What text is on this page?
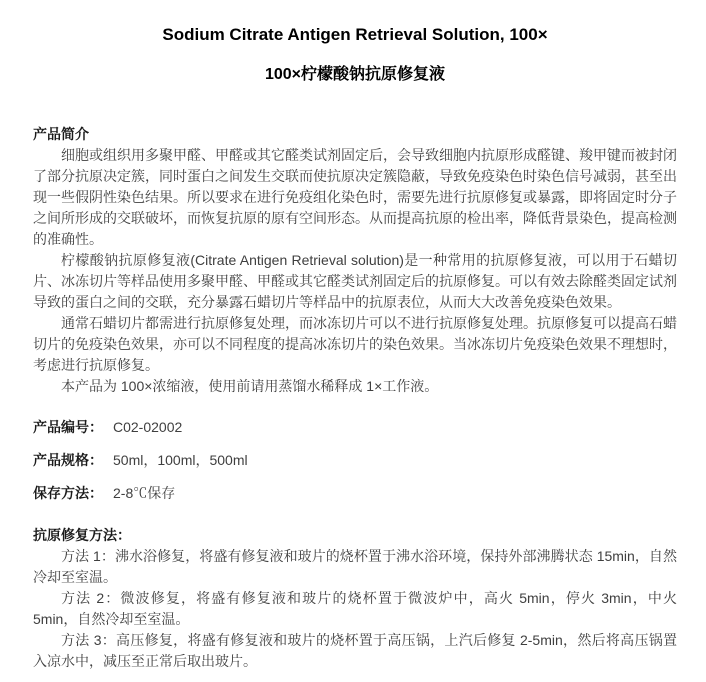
Sodium Citrate Antigen Retrieval Solution, 100×
100×柠檬酸钠抗原修复液
产品简介

细胞或组织用多聚甲醛、甲醛或其它醛类试剂固定后，会导致细胞内抗原形成醛键、羧甲键而被封闭了部分抗原决定簇，同时蛋白之间发生交联而使抗原决定簇隐蔽，导致免疫染色时染色信号减弱，甚至出现一些假阴性染色结果。所以要求在进行免疫组化染色时，需要先进行抗原修复或暴露，即将固定时分子之间所形成的交联破坏，而恢复抗原的原有空间形态。从而提高抗原的检出率，降低背景染色，提高检测的准确性。

柠檬酸钠抗原修复液(Citrate Antigen Retrieval solution)是一种常用的抗原修复液，可以用于石蜡切片、冰冻切片等样品使用多聚甲醛、甲醛或其它醛类试剂固定后的抗原修复。可以有效去除醛类固定试剂导致的蛋白之间的交联，充分暴露石蜡切片等样品中的抗原表位，从而大大改善免疫染色效果。

通常石蜡切片都需进行抗原修复处理，而冰冻切片可以不进行抗原修复处理。抗原修复可以提高石蜡切片的免疫染色效果，亦可以不同程度的提高冰冻切片的染色效果。当冰冻切片免疫染色效果不理想时，考虑进行抗原修复。

本产品为 100×浓缩液，使用前请用蒸馏水稀释成 1×工作液。

产品编号： C02-02002
产品规格： 50ml，100ml，500ml
保存方法： 2-8℃保存
抗原修复方法：

方法 1：沸水浴修复，将盛有修复液和玻片的烧杯置于沸水浴环境，保持外部沸腾状态 15min，自然冷却至室温。

方法 2：微波修复，将盛有修复液和玻片的烧杯置于微波炉中，高火 5min，停火 3min，中火 5min，自然冷却至室温。

方法 3：高压修复，将盛有修复液和玻片的烧杯置于高压锅，上汽后修复 2-5min，然后将高压锅置入凉水中，减压至正常后取出玻片。
